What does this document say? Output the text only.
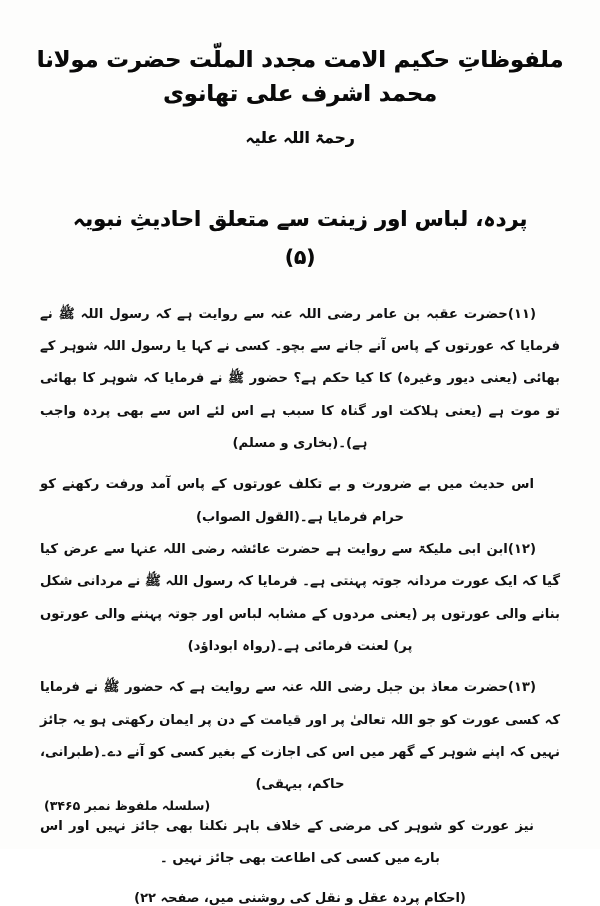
ملفوظاتِ حکیم الامت مجدد الملّت حضرت مولانا محمد اشرف علی تھانوی
رحمۃ اللہ علیہ
پردہ، لباس اور زینت سے متعلق احادیثِ نبویہ
(۵)

(۱۱)حضرت عقبہ بن عامر رضی اللہ عنہ سے روایت ہے کہ رسول اللہ ﷺ نے فرمایا کہ عورتوں کے پاس آنے جانے سے بچو۔ کسی نے کہا یا رسول اللہ شوہر کے بھائی (یعنی دیور وغیرہ) کا کیا حکم ہے؟ حضور ﷺ نے فرمایا کہ شوہر کا بھائی تو موت ہے (یعنی ہلاکت اور گناہ کا سبب ہے اس لئے اس سے بھی پردہ واجب ہے)۔(بخاری و مسلم)

اس حدیث میں بے ضرورت و بے تکلف عورتوں کے پاس آمد ورفت رکھنے کو حرام فرمایا ہے۔(القول الصواب)

(۱۲)ابن ابی ملیکۃ سے روایت ہے حضرت عائشہ رضی اللہ عنہا سے عرض کیا گیا کہ ایک عورت مردانہ جوتہ پہنتی ہے۔ فرمایا کہ رسول اللہ ﷺ نے مردانی شکل بنانے والی عورتوں پر (یعنی مردوں کے مشابہ لباس اور جوتہ پہننے والی عورتوں پر) لعنت فرمائی ہے۔(رواہ ابوداؤد)

(۱۳)حضرت معاذ بن جبل رضی اللہ عنہ سے روایت ہے کہ حضور ﷺ نے فرمایا کہ کسی عورت کو جو اللہ تعالیٰ پر اور قیامت کے دن پر ایمان رکھتی ہو یہ جائز نہیں کہ اپنے شوہر کے گھر میں اس کی اجازت کے بغیر کسی کو آنے دے۔(طبرانی، حاکم، بیہقی)

نیز عورت کو شوہر کی مرضی کے خلاف باہر نکلنا بھی جائز نہیں اور اس بارے میں کسی کی اطاعت بھی جائز نہیں ۔

(احکامِ پردہ عقل و نقل کی روشنی میں، صفحہ ۲۲)
(سلسلہ ملفوظ نمبر ۳۴۶۵)
